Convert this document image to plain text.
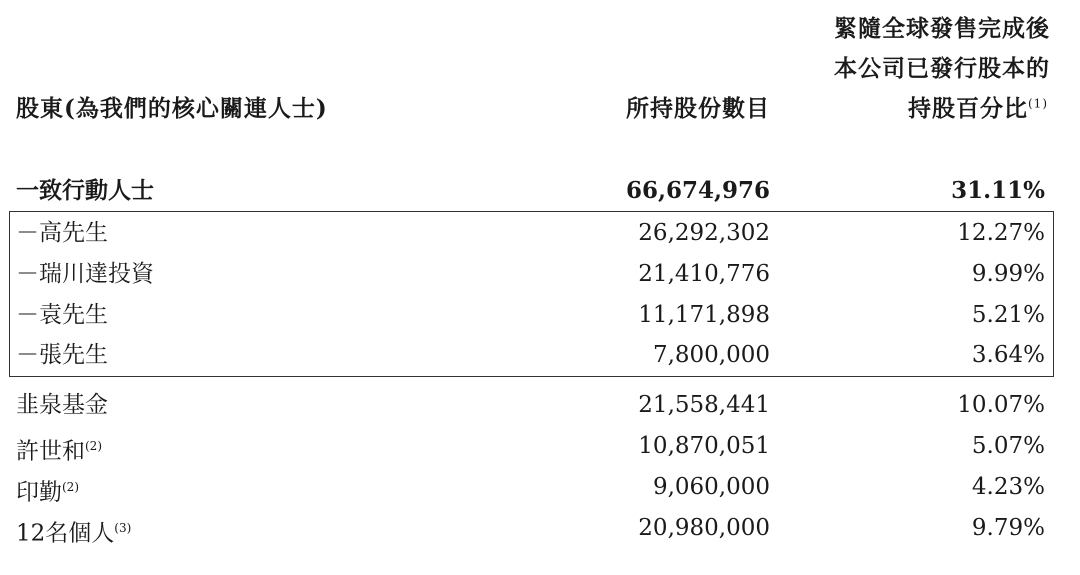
股東(為我們的核心關連人士)	所持股份數目
緊隨全球發售完成後
本公司已發行股本的
持股百分比$^{(1)}$
一致行動人士	66,674,976	31.11%
－高先生	26,292,302	12.27%
－瑞川達投資	21,410,776	9.99%
－袁先生	11,171,898	5.21%
－張先生	7,800,000	3.64%
韭泉基金	21,558,441	10.07%
許世和$^{(2)}$	10,870,051	5.07%
印勤$^{(2)}$	9,060,000	4.23%
12名個人$^{(3)}$	20,980,000	9.79%
